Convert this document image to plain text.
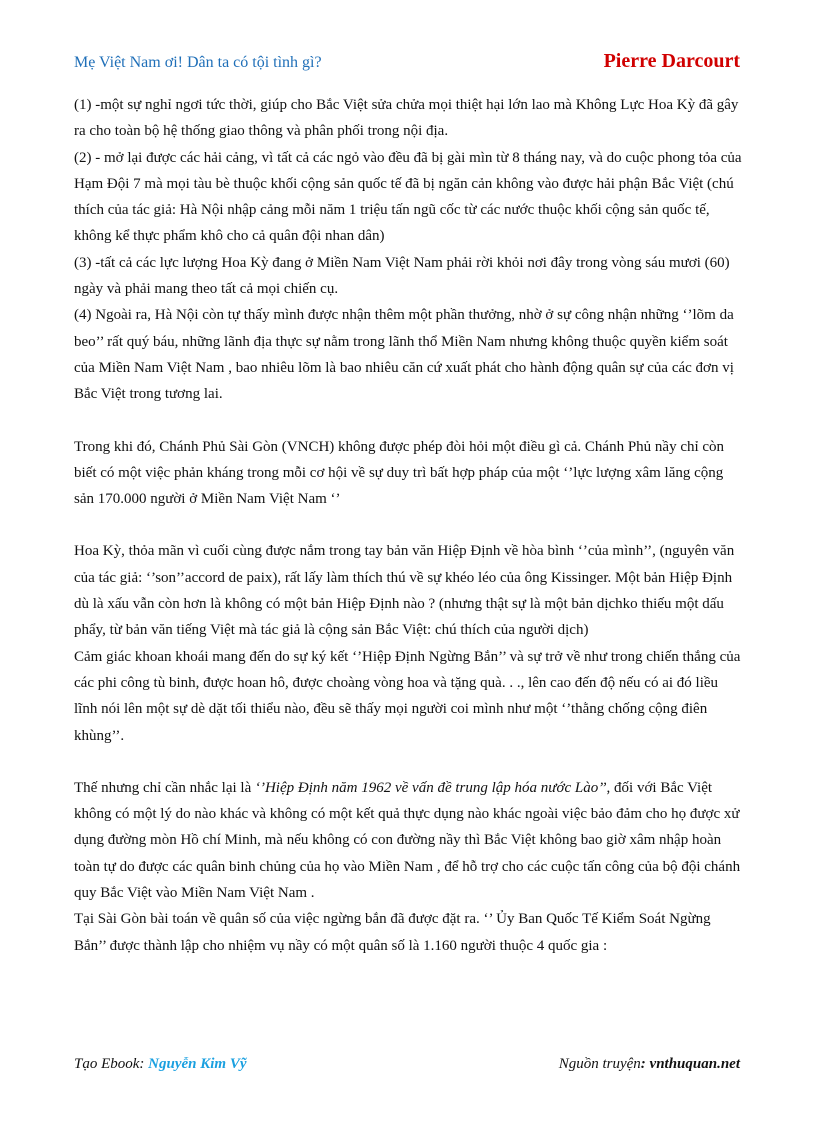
Mẹ Việt Nam ơi! Dân ta có tội tình gì?	Pierre Darcourt

(1) -một sự nghỉ ngơi tức thời, giúp cho Bắc Việt sửa chửa mọi thiệt hại lớn lao mà Không Lực Hoa Kỳ đã gây ra cho toàn bộ hệ thống giao thông và phân phối trong nội địa.

(2) - mở lại được các hải cảng, vì tất cả các ngỏ vào đều đã bị gài mìn từ 8 tháng nay, và do cuộc phong tỏa của Hạm Đội 7 mà mọi tàu bè thuộc khối cộng sản quốc tế đã bị ngăn cản không vào được hải phận Bắc Việt (chú thích của tác giả: Hà Nội nhập cảng mỗi năm 1 triệu tấn ngũ cốc từ các nước thuộc khối cộng sản quốc tế, không kể thực phẩm khô cho cả quân đội nhan dân)

(3) -tất cả các lực lượng Hoa Kỳ đang ở Miền Nam Việt Nam phải rời khỏi nơi đây trong vòng sáu mươi (60) ngày và phải mang theo tất cả mọi chiến cụ.

(4) Ngoài ra, Hà Nội còn tự thấy mình được nhận thêm một phần thưởng, nhờ ở sự công nhận những ‘’lõm da beo’’ rất quý báu, những lãnh địa thực sự nằm trong lãnh thổ Miền Nam nhưng không thuộc quyền kiểm soát của Miền Nam Việt Nam , bao nhiêu lõm là bao nhiêu căn cứ xuất phát cho hành động quân sự của các đơn vị Bắc Việt trong tương lai.

Trong khi đó, Chánh Phủ Sài Gòn (VNCH) không được phép đòi hỏi một điều gì cả. Chánh Phủ nầy chỉ còn biết có một việc phản kháng trong mỗi cơ hội về sự duy trì bất hợp pháp của một ‘’lực lượng xâm lăng cộng sản 170.000 người ở Miền Nam Việt Nam ‘’

Hoa Kỳ, thỏa mãn vì cuối cùng được nắm trong tay bản văn Hiệp Định về hòa bình ‘’của mình’’, (nguyên văn của tác giả: ‘’son’’accord de paix), rất lấy làm thích thú về sự khéo léo của ông Kissinger. Một bản Hiệp Định dù là xấu vẫn còn hơn là không có một bản Hiệp Định nào ? (nhưng thật sự là một bản dịchko thiếu một dấu phẩy, từ bản văn tiếng Việt mà tác giả là cộng sản Bắc Việt: chú thích của người dịch)

Cảm giác khoan khoái mang đến do sự ký kết ‘’Hiệp Định Ngừng Bắn’’ và sự trở về như trong chiến thắng của các phi công tù binh, được hoan hô, được choàng vòng hoa và tặng quà. . ., lên cao đến độ nếu có ai đó liều lĩnh nói lên một sự dè dặt tối thiểu nào, đều sẽ thấy mọi người coi mình như một ‘’thằng chống cộng điên khùng’’.

Thế nhưng chỉ cần nhắc lại là ‘’Hiệp Định năm 1962 về vấn đề trung lập hóa nước Lào’’, đối với Bắc Việt không có một lý do nào khác và không có một kết quả thực dụng nào khác ngoài việc bảo đảm cho họ được xử dụng đường mòn Hồ chí Minh, mà nếu không có con đường nầy thì Bắc Việt không bao giờ xâm nhập hoàn toàn tự do được các quân binh chủng của họ vào Miền Nam , để hỗ trợ cho các cuộc tấn công của bộ đội chánh quy Bắc Việt vào Miền Nam Việt Nam .

Tại Sài Gòn bài toán về quân số của việc ngừng bắn đã được đặt ra. ‘’ Ủy Ban Quốc Tế Kiểm Soát Ngừng Bắn’’ được thành lập cho nhiệm vụ nầy có một quân số là 1.160 người thuộc 4 quốc gia :

Tạo Ebook: Nguyễn Kim Vỹ	Nguồn truyện: vnthuquan.net
